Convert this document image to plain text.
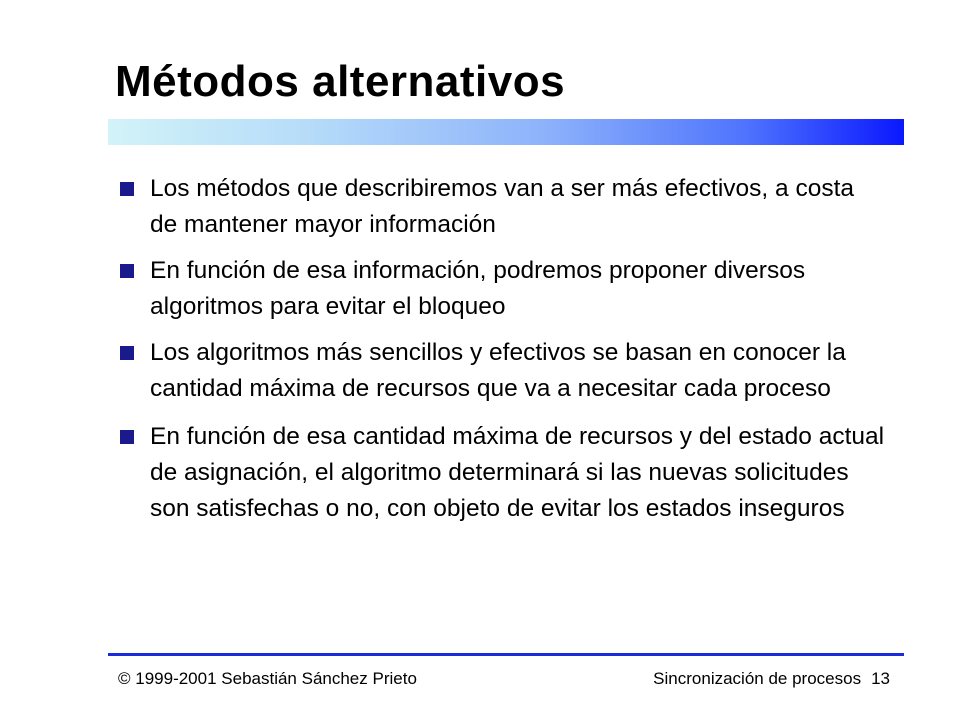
Métodos alternativos
Los métodos que describiremos van a ser más efectivos, a costa de mantener mayor información
En función de esa información, podremos proponer diversos algoritmos para evitar el bloqueo
Los algoritmos más sencillos y efectivos se basan en conocer la cantidad máxima de recursos que va a necesitar cada proceso
En función de esa cantidad máxima de recursos y del estado actual de asignación, el algoritmo determinará si las nuevas solicitudes son satisfechas o no, con objeto de evitar los estados inseguros
© 1999-2001 Sebastián Sánchez Prieto	Sincronización de procesos 13
